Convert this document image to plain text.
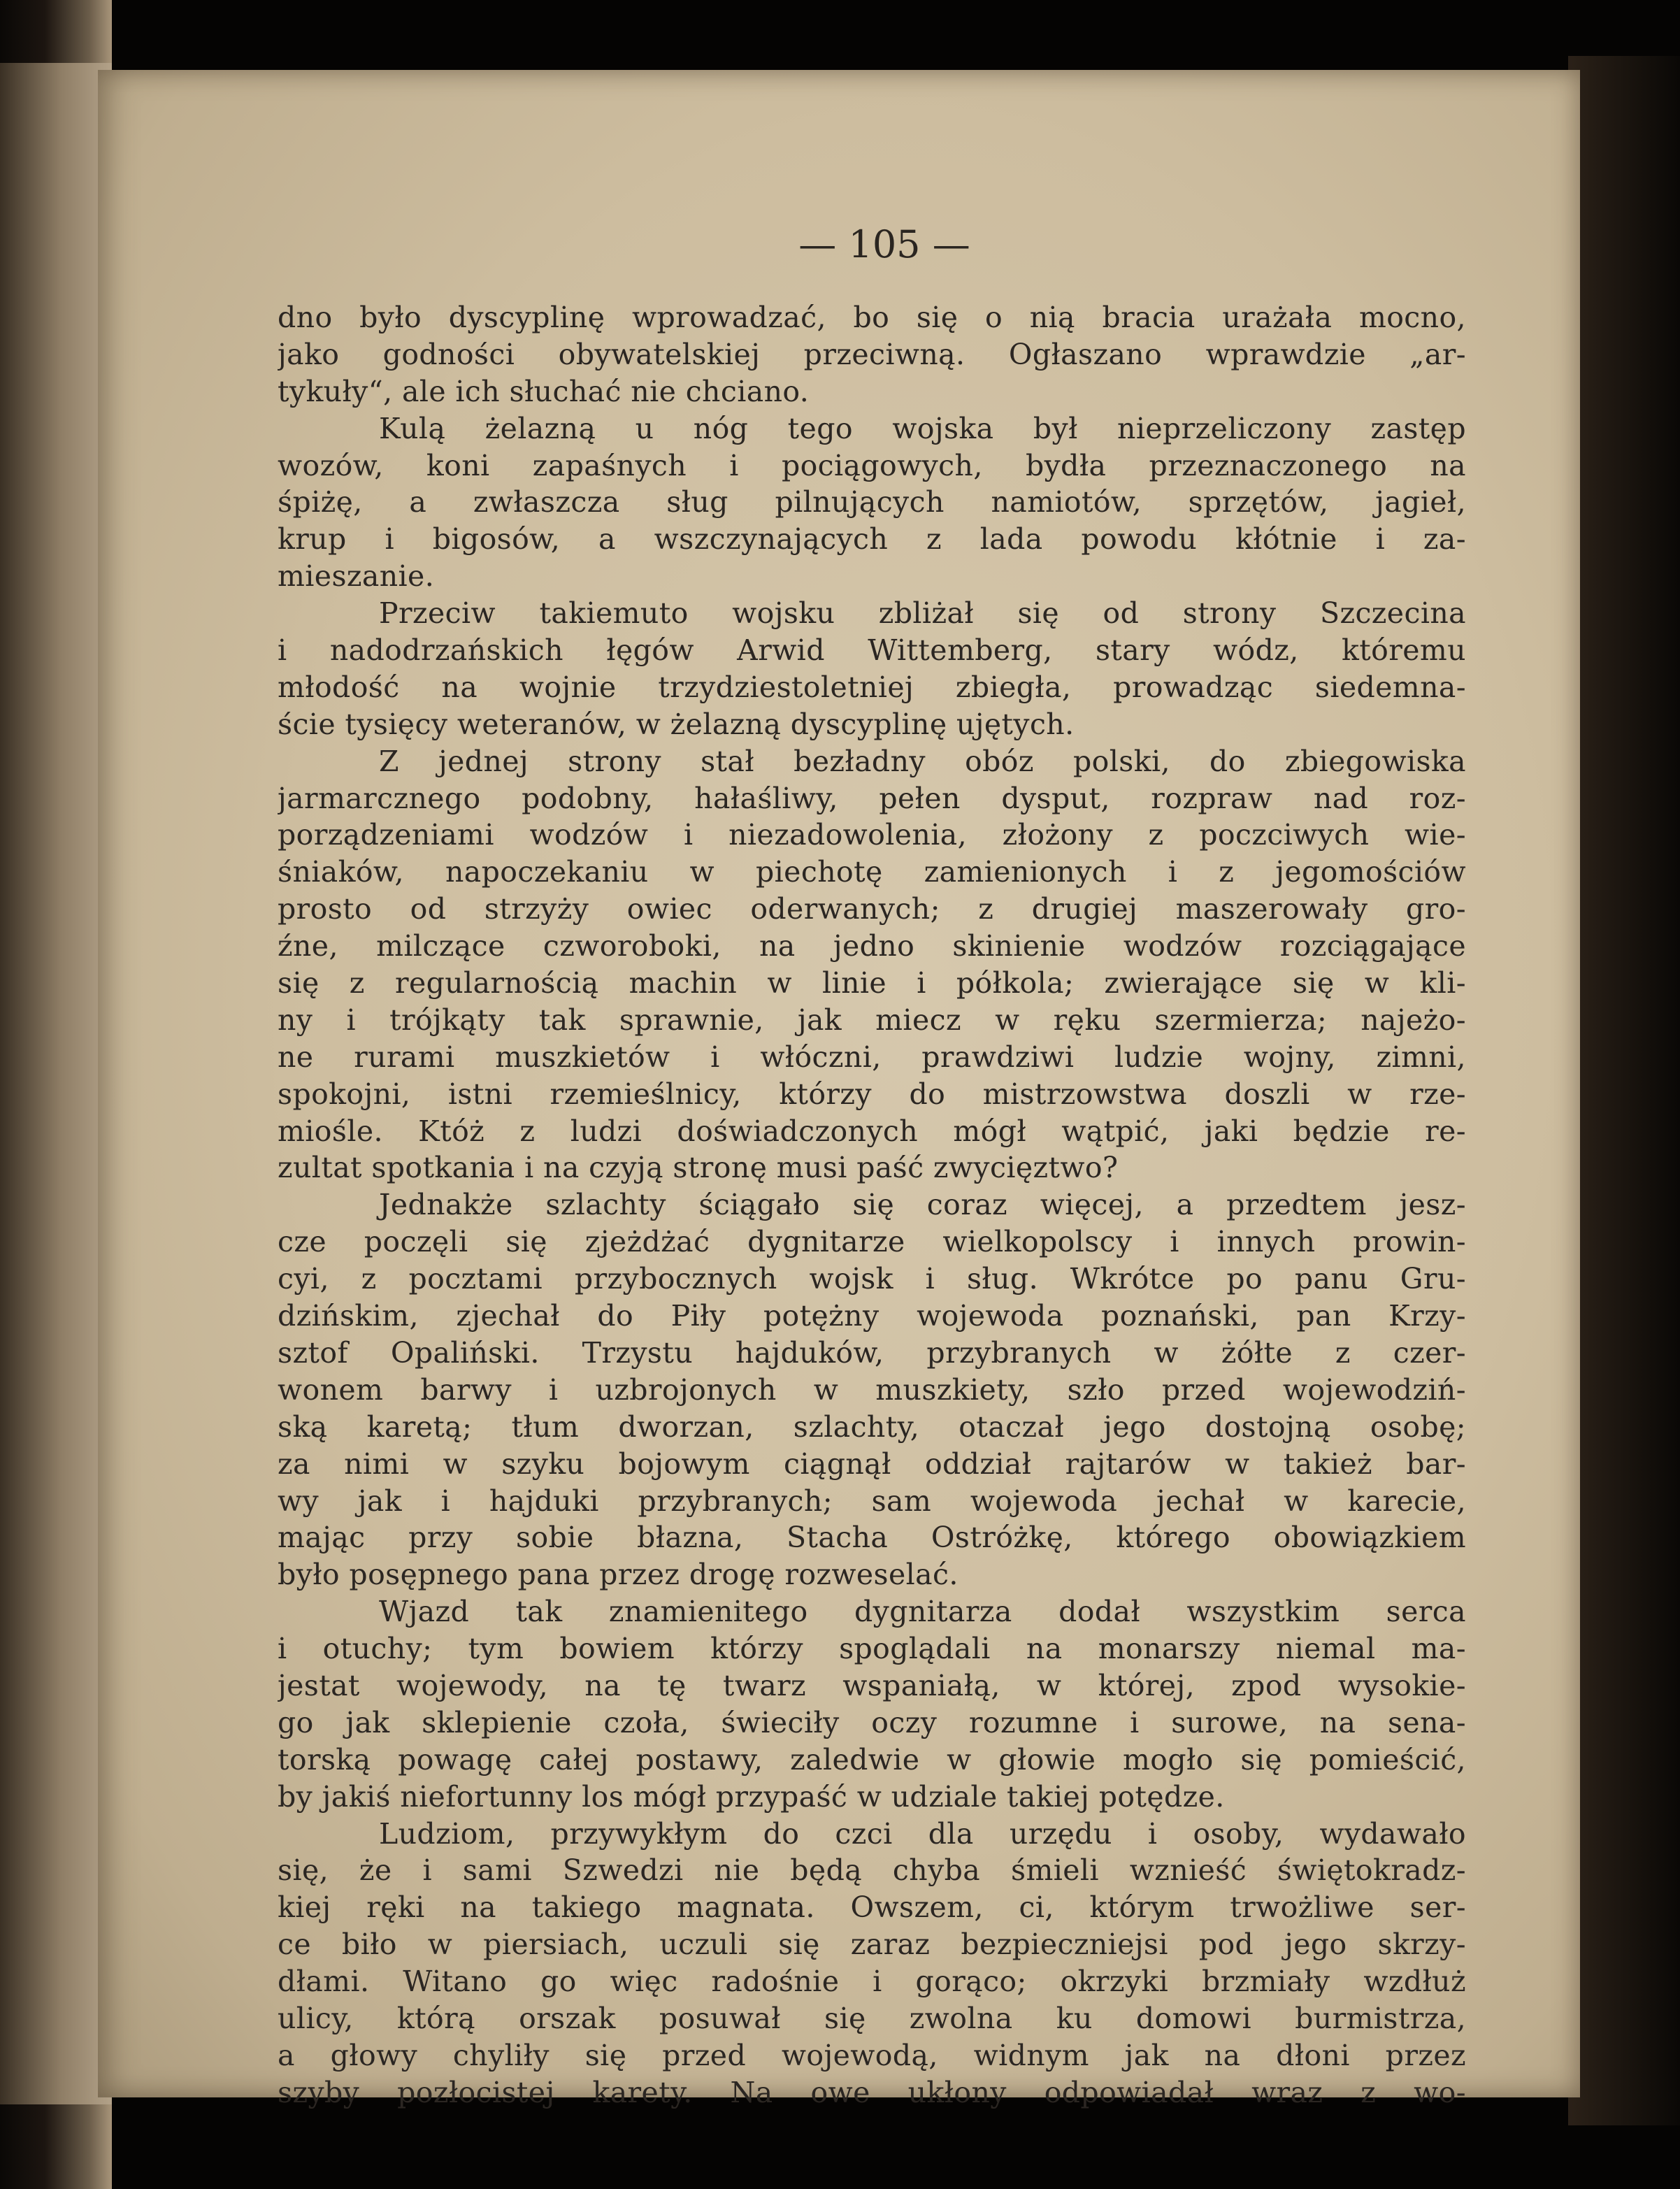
— 105 —
dno było dyscyplinę wprowadzać, bo się o nią bracia urażała mocno,
jako godności obywatelskiej przeciwną. Ogłaszano wprawdzie „ar-
tykuły“, ale ich słuchać nie chciano.
Kulą żelazną u nóg tego wojska był nieprzeliczony zastęp
wozów, koni zapaśnych i pociągowych, bydła przeznaczonego na
śpiżę, a zwłaszcza sług pilnujących namiotów, sprzętów, jagieł,
krup i bigosów, a wszczynających z lada powodu kłótnie i za-
mieszanie.
Przeciw takiemuto wojsku zbliżał się od strony Szczecina
i nadodrzańskich łęgów Arwid Wittemberg, stary wódz, któremu
młodość na wojnie trzydziestoletniej zbiegła, prowadząc siedemna-
ście tysięcy weteranów, w żelazną dyscyplinę ujętych.
Z jednej strony stał bezładny obóz polski, do zbiegowiska
jarmarcznego podobny, hałaśliwy, pełen dysput, rozpraw nad roz-
porządzeniami wodzów i niezadowolenia, złożony z poczciwych wie-
śniaków, napoczekaniu w piechotę zamienionych i z jegomościów
prosto od strzyży owiec oderwanych; z drugiej maszerowały gro-
źne, milczące czworoboki, na jedno skinienie wodzów rozciągające
się z regularnością machin w linie i półkola; zwierające się w kli-
ny i trójkąty tak sprawnie, jak miecz w ręku szermierza; najeżo-
ne rurami muszkietów i włóczni, prawdziwi ludzie wojny, zimni,
spokojni, istni rzemieślnicy, którzy do mistrzowstwa doszli w rze-
miośle. Któż z ludzi doświadczonych mógł wątpić, jaki będzie re-
zultat spotkania i na czyją stronę musi paść zwycięztwo?
Jednakże szlachty ściągało się coraz więcej, a przedtem jesz-
cze poczęli się zjeżdżać dygnitarze wielkopolscy i innych prowin-
cyi, z pocztami przybocznych wojsk i sług. Wkrótce po panu Gru-
dzińskim, zjechał do Piły potężny wojewoda poznański, pan Krzy-
sztof Opaliński. Trzystu hajduków, przybranych w żółte z czer-
wonem barwy i uzbrojonych w muszkiety, szło przed wojewodziń-
ską karetą; tłum dworzan, szlachty, otaczał jego dostojną osobę;
za nimi w szyku bojowym ciągnął oddział rajtarów w takież bar-
wy jak i hajduki przybranych; sam wojewoda jechał w karecie,
mając przy sobie błazna, Stacha Ostróżkę, którego obowiązkiem
było posępnego pana przez drogę rozweselać.
Wjazd tak znamienitego dygnitarza dodał wszystkim serca
i otuchy; tym bowiem którzy spoglądali na monarszy niemal ma-
jestat wojewody, na tę twarz wspaniałą, w której, zpod wysokie-
go jak sklepienie czoła, świeciły oczy rozumne i surowe, na sena-
torską powagę całej postawy, zaledwie w głowie mogło się pomieścić,
by jakiś niefortunny los mógł przypaść w udziale takiej potędze.
Ludziom, przywykłym do czci dla urzędu i osoby, wydawało
się, że i sami Szwedzi nie będą chyba śmieli wznieść świętokradz-
kiej ręki na takiego magnata. Owszem, ci, którym trwożliwe ser-
ce biło w piersiach, uczuli się zaraz bezpieczniejsi pod jego skrzy-
dłami. Witano go więc radośnie i gorąco; okrzyki brzmiały wzdłuż
ulicy, którą orszak posuwał się zwolna ku domowi burmistrza,
a głowy chyliły się przed wojewodą, widnym jak na dłoni przez
szyby pozłocistej karety. Na owe ukłony odpowiadał wraz z wo-
